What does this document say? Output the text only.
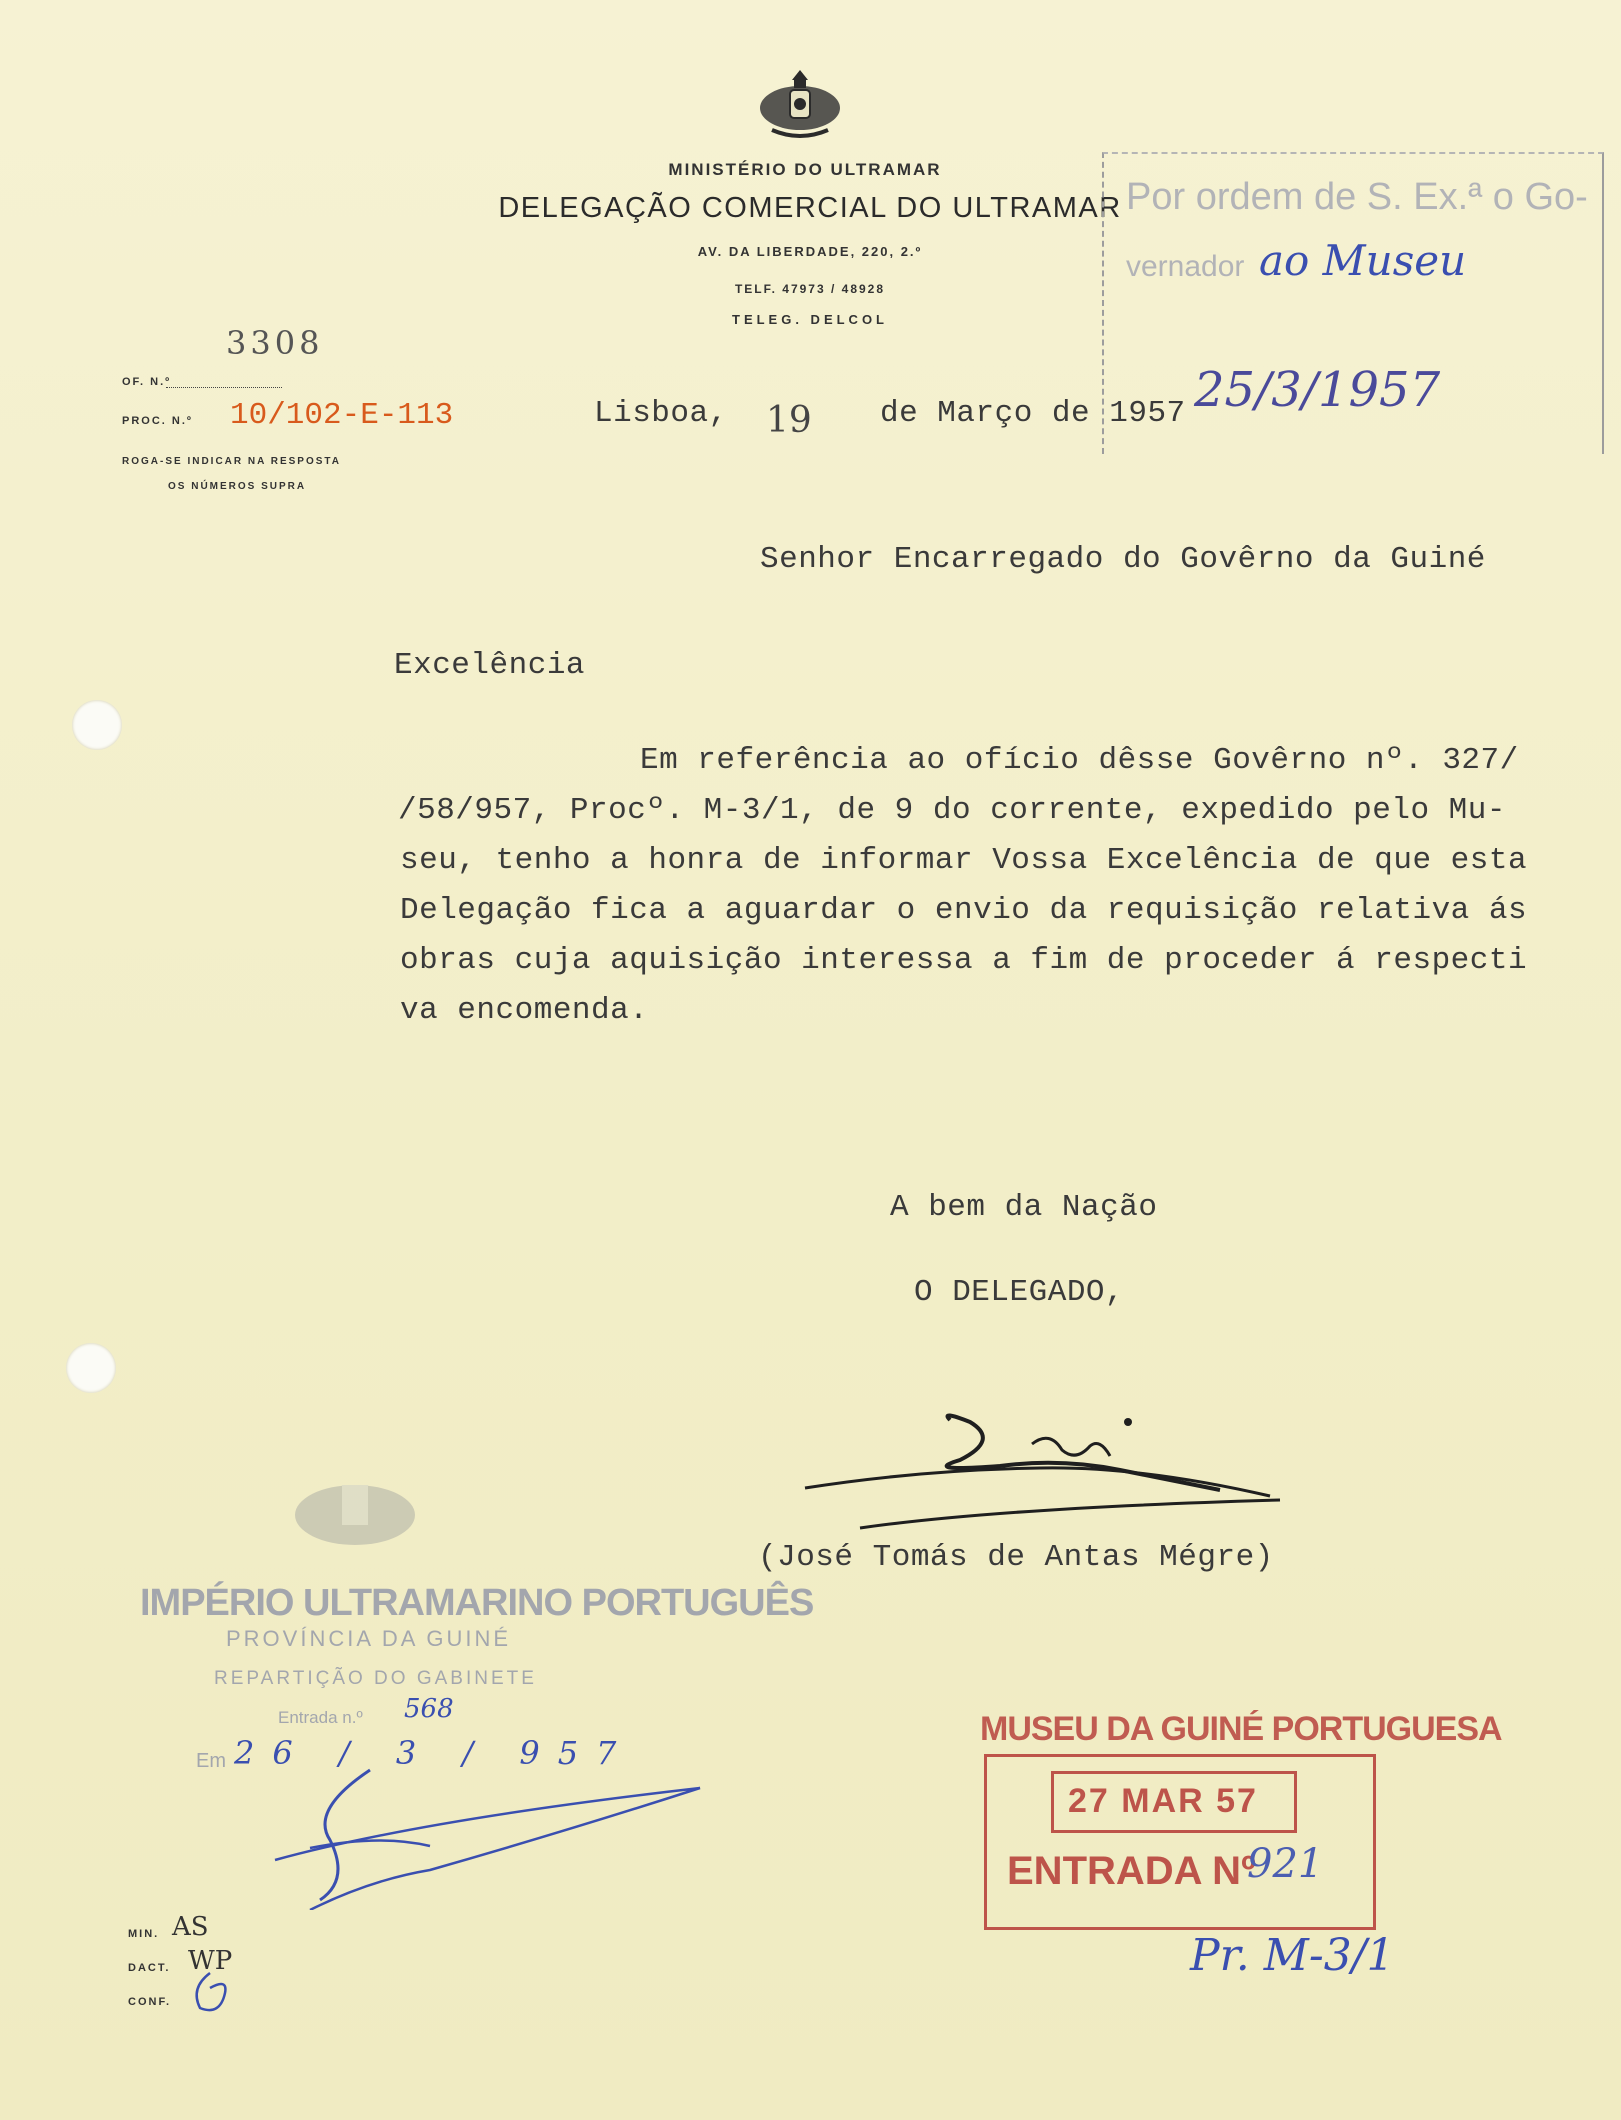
MINISTÉRIO DO ULTRAMAR
DELEGAÇÃO COMERCIAL DO ULTRAMAR
AV. DA LIBERDADE, 220, 2.º
TELF. 47973 / 48928
TELEG. DELCOL
Por ordem de S. Ex.ª o Go-
vernador ao Museu
25/3/1957
3308
OF. N.º
PROC. N.º 10/102-E-113
ROGA-SE INDICAR NA RESPOSTA
OS NÚMEROS SUPRA
Lisboa, 19 de Março de 1957
Senhor Encarregado do Govêrno da Guiné
Excelência
Em referência ao ofício dêsse Govêrno nº. 327/
/58/957, Procº. M-3/1, de 9 do corrente, expedido pelo Mu-
seu, tenho a honra de informar Vossa Excelência de que esta
Delegação fica a aguardar o envio da requisição relativa ás
obras cuja aquisição interessa a fim de proceder á respecti
va encomenda.
A bem da Nação
O DELEGADO,
(José Tomás de Antas Mégre)
IMPÉRIO ULTRAMARINO PORTUGUÊS
PROVÍNCIA DA GUINÉ
REPARTIÇÃO DO GABINETE
Entrada n.º 568
Em 26 / 3 / 957
MIN. AS
DACT. WP
CONF.
MUSEU DA GUINÉ PORTUGUESA
27 MAR 57
ENTRADA Nº
921
Pr. M-3/1
